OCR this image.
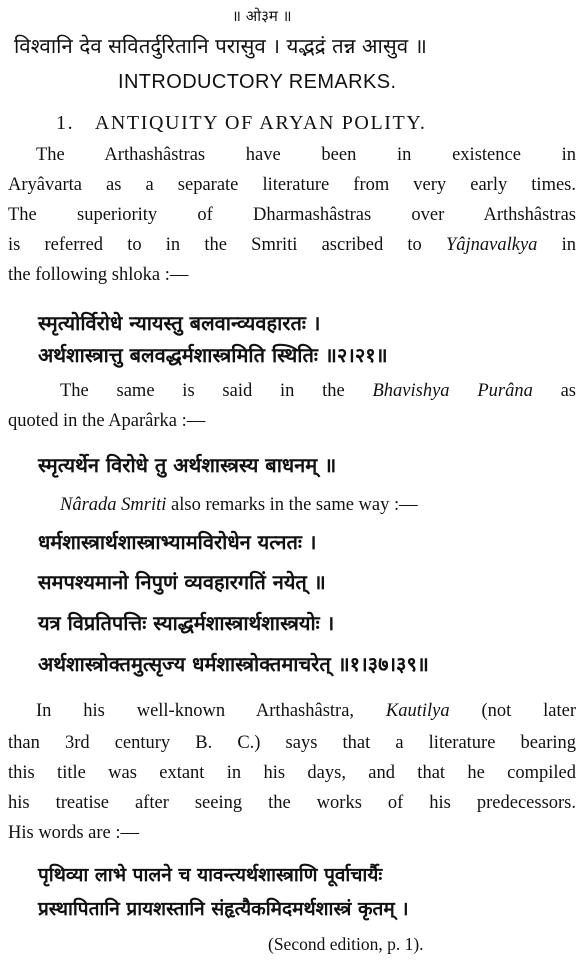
॥ ओ३म ॥
विश्वानि देव सवितर्दुरितानि परासुव । यद्भद्रं तन्न आसुव ॥
INTRODUCTORY REMARKS.
1. ANTIQUITY OF ARYAN POLITY.
The Arthashâstras have been in existence in
Aryâvarta as a separate literature from very early times.
The superiority of Dharmashâstras over Arthshâstras
is referred to in the Smriti ascribed to Yâjnavalkya in
the following shloka :—
स्मृत्योर्विरोधे न्यायस्तु बलवान्व्यवहारतः ।
अर्थशास्त्रात्तु बलवद्धर्मशास्त्रमिति स्थितिः ॥२।२१॥
The same is said in the Bhavishya Purâna as
quoted in the Aparârka :—
स्मृत्यर्थेन विरोधे तु अर्थशास्त्रस्य बाधनम् ॥
Nârada Smriti also remarks in the same way :—
धर्मशास्त्रार्थशास्त्राभ्यामविरोधेन यत्नतः ।
समपश्यमानो निपुणं व्यवहारगतिं नयेत् ॥
यत्र विप्रतिपत्तिः स्याद्धर्मशास्त्रार्थशास्त्रयोः ।
अर्थशास्त्रोक्तमुत्सृज्य धर्मशास्त्रोक्तमाचरेत् ॥१।३७।३९॥
In his well-known Arthashâstra, Kautilya (not later
than 3rd century B. C.) says that a literature bearing
this title was extant in his days, and that he compiled
his treatise after seeing the works of his predecessors.
His words are :—
पृथिव्या लाभे पालने च यावन्त्यर्थशास्त्राणि पूर्वाचार्यैः
प्रस्थापितानि प्रायशस्तानि संहृत्यैकमिदमर्थशास्त्रं कृतम् ।
(Second edition, p. 1).
